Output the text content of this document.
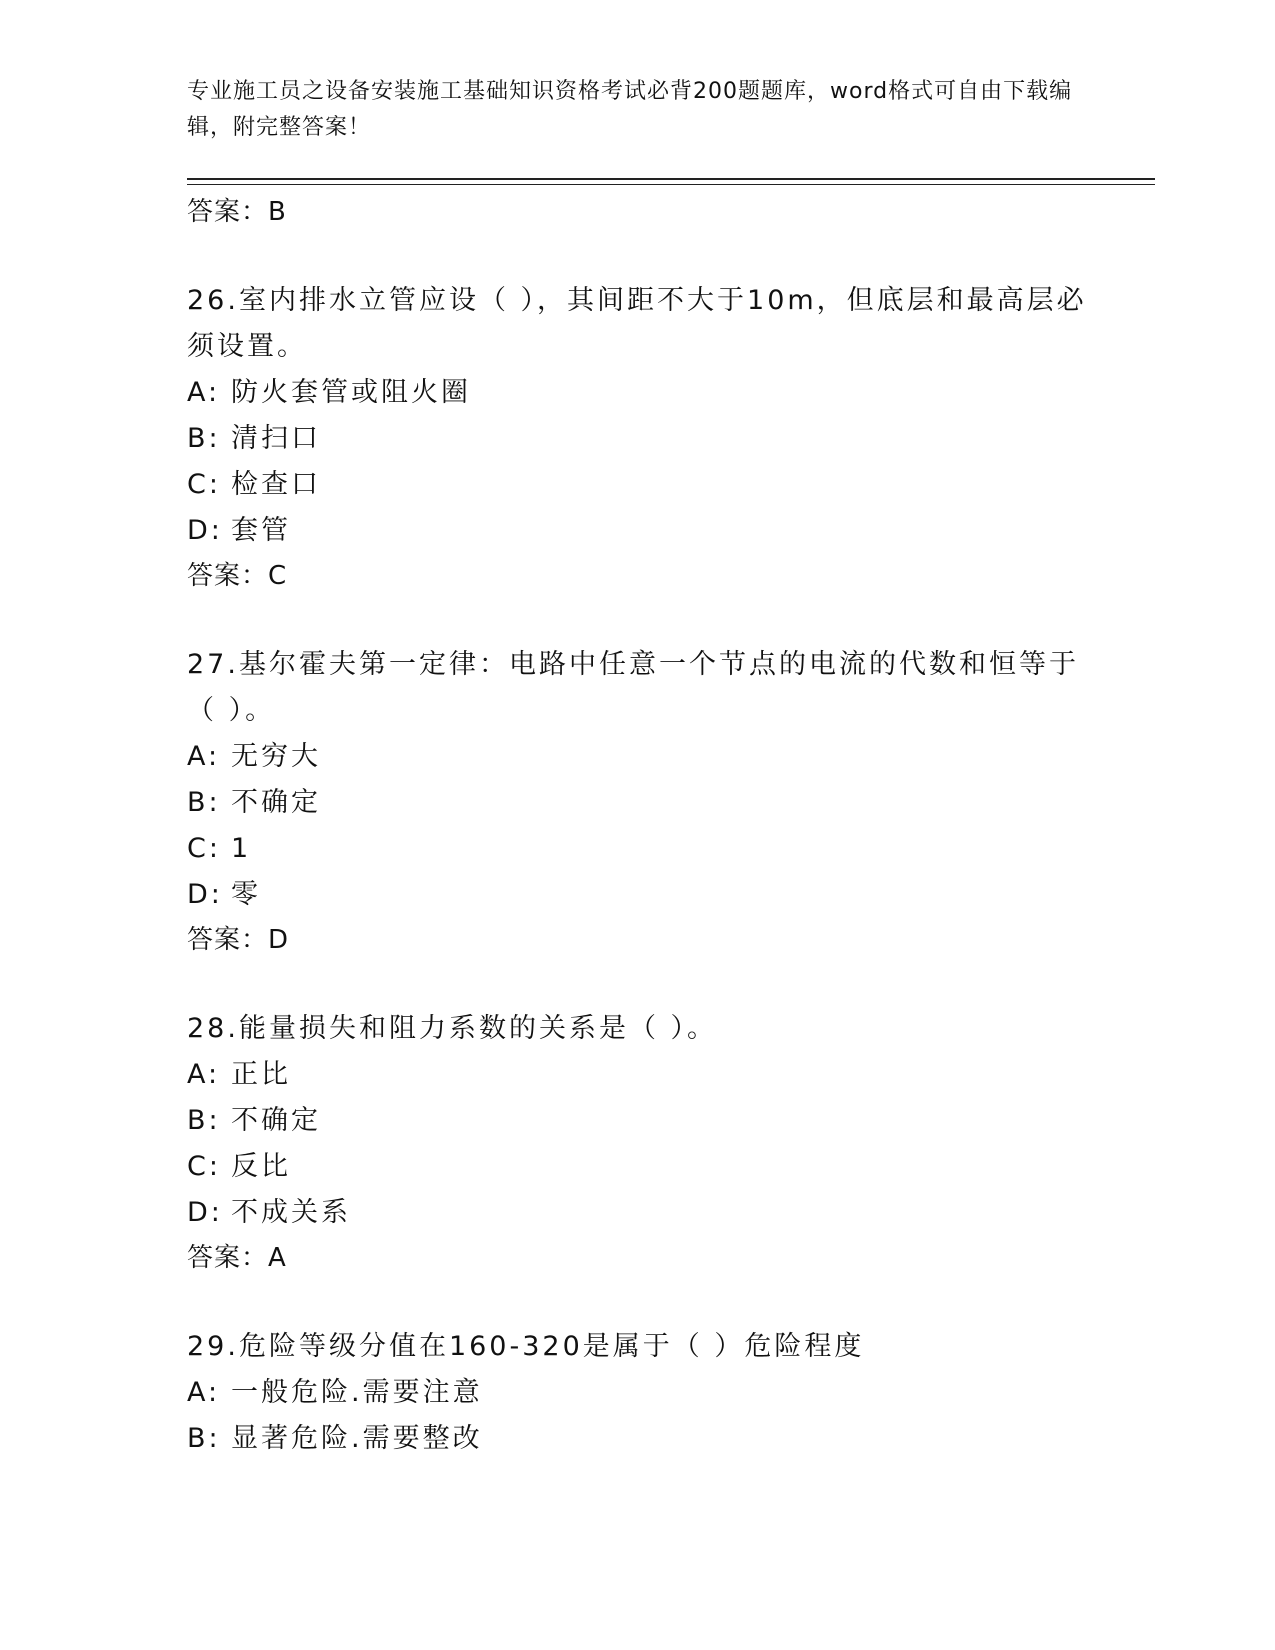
专业施工员之设备安装施工基础知识资格考试必背200题题库，word格式可自由下载编辑，附完整答案！
答案：B
26.室内排水立管应设（ ），其间距不大于10m，但底层和最高层必须设置。
A: 防火套管或阻火圈
B: 清扫口
C: 检查口
D: 套管
答案：C
27.基尔霍夫第一定律：电路中任意一个节点的电流的代数和恒等于（ ）。
A: 无穷大
B: 不确定
C: 1
D: 零
答案：D
28.能量损失和阻力系数的关系是（ ）。
A: 正比
B: 不确定
C: 反比
D: 不成关系
答案：A
29.危险等级分值在160-320是属于（ ）危险程度
A: 一般危险.需要注意
B: 显著危险.需要整改
